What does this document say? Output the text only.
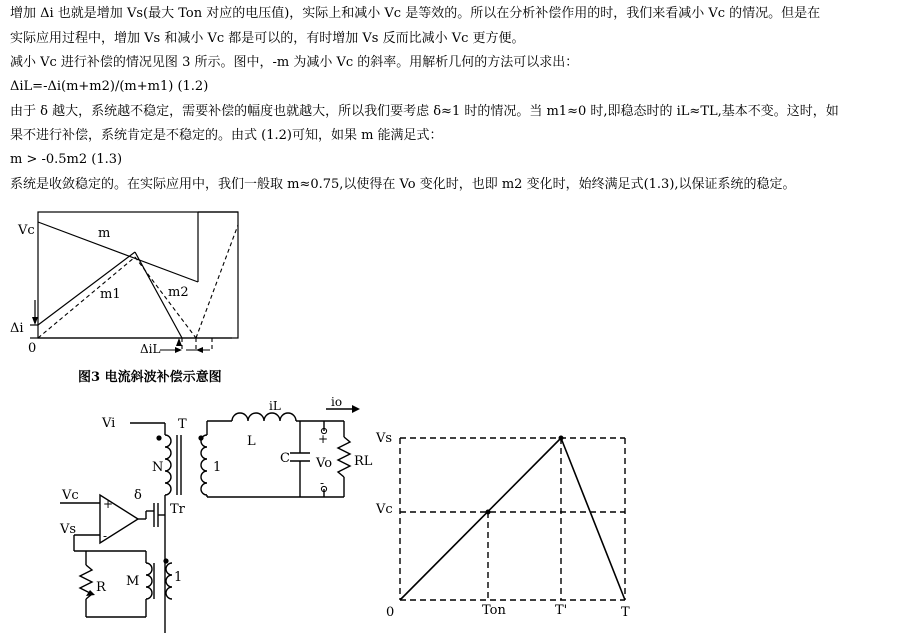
增加 Δi 也就是增加 Vs(最大 Ton 对应的电压值)，实际上和减小 Vc 是等效的。所以在分析补偿作用的时，我们来看减小 Vc 的情况。但是在

实际应用过程中，增加 Vs 和减小 Vc 都是可以的，有时增加 Vs 反而比减小 Vc 更方便。

减小 Vc 进行补偿的情况见图 3 所示。图中，-m 为减小 Vc 的斜率。用解析几何的方法可以求出：

ΔiL=-Δi(m+m2)/(m+m1) (1.2)

由于 δ 越大，系统越不稳定，需要补偿的幅度也就越大，所以我们要考虑 δ≈1 时的情况。当 m1≈0 时,即稳态时的 iL≈TL,基本不变。这时，如

果不进行补偿，系统肯定是不稳定的。由式 (1.2)可知，如果 m 能满足式：

m > -0.5m2 (1.3)

系统是收敛稳定的。在实际应用中，我们一般取 m≈0.75,以使得在 Vo 变化时，也即 m2 变化时，始终满足式(1.3),以保证系统的稳定。

Vc	m
m1	m2
Δi
0	ΔiL
图3 电流斜波补偿示意图
Vi	T
iL	io
L
N	1
C
+
Vo
-
RL
Vc
Vs
+
-
δ
Tr
R M	1
Vs
Vc
0	Ton	T'	T
